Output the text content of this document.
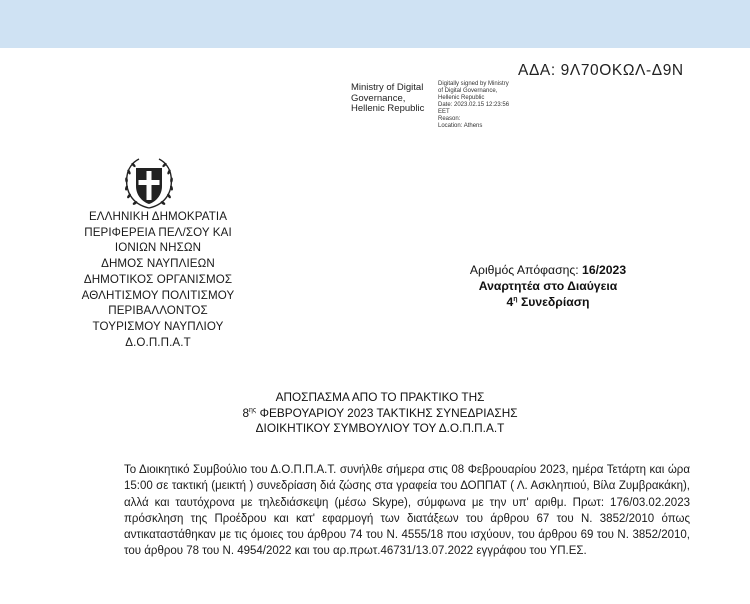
ΑΔΑ: 9Λ70ΟΚΩΛ-Δ9Ν
Ministry of Digital
Governance,
Hellenic Republic
Digitally signed by Ministry
of Digital Governance,
Hellenic Republic
Date: 2023.02.15 12:23:56
EET
Reason:
Location: Athens
ΕΛΛΗΝΙΚΗ ΔΗΜΟΚΡΑΤΙΑ
ΠΕΡΙΦΕΡΕΙΑ ΠΕΛ/ΣΟΥ ΚΑΙ
ΙΟΝΙΩΝ ΝΗΣΩΝ
ΔΗΜΟΣ ΝΑΥΠΛΙΕΩΝ
ΔΗΜΟΤΙΚΟΣ ΟΡΓΑΝΙΣΜΟΣ
ΑΘΛΗΤΙΣΜΟΥ ΠΟΛΙΤΙΣΜΟΥ
ΠΕΡΙΒΑΛΛΟΝΤΟΣ
ΤΟΥΡΙΣΜΟΥ ΝΑΥΠΛΙΟΥ
Δ.Ο.Π.Π.Α.Τ
Αριθμός Απόφασης: 16/2023
Αναρτητέα στο Διαύγεια
$4^\eta$ Συνεδρίαση
ΑΠΟΣΠΑΣΜΑ ΑΠΟ ΤΟ ΠΡΑΚΤΙΚΟ ΤΗΣ
$8^{\eta\varsigma}$ ΦΕΒΡΟΥΑΡΙΟΥ 2023 ΤΑΚΤΙΚΗΣ ΣΥΝΕΔΡΙΑΣΗΣ
ΔΙΟΙΚΗΤΙΚΟΥ ΣΥΜΒΟΥΛΙΟΥ ΤΟΥ Δ.Ο.Π.Π.Α.Τ
Το Διοικητικό Συμβούλιο του Δ.Ο.Π.Π.Α.Τ. συνήλθε σήμερα στις 08 Φεβρουαρίου 2023, ημέρα Τετάρτη και ώρα 15:00 σε τακτική (μεικτή ) συνεδρίαση διά ζώσης στα γραφεία του ΔΟΠΠΑΤ ( Λ. Ασκληπιού, Βίλα Ζυμβρακάκη), αλλά και ταυτόχρονα με τηλεδιάσκεψη (μέσω Skype), σύμφωνα με την υπ' αριθμ. Πρωτ: 176/03.02.2023 πρόσκληση της Προέδρου και κατ' εφαρμογή των διατάξεων του άρθρου 67 του Ν. 3852/2010 όπως αντικαταστάθηκαν με τις όμοιες του άρθρου 74 του Ν. 4555/18 που ισχύουν, του άρθρου 69 του Ν. 3852/2010, του άρθρου 78 του Ν. 4954/2022 και του αρ.πρωτ.46731/13.07.2022 εγγράφου του ΥΠ.ΕΣ.
